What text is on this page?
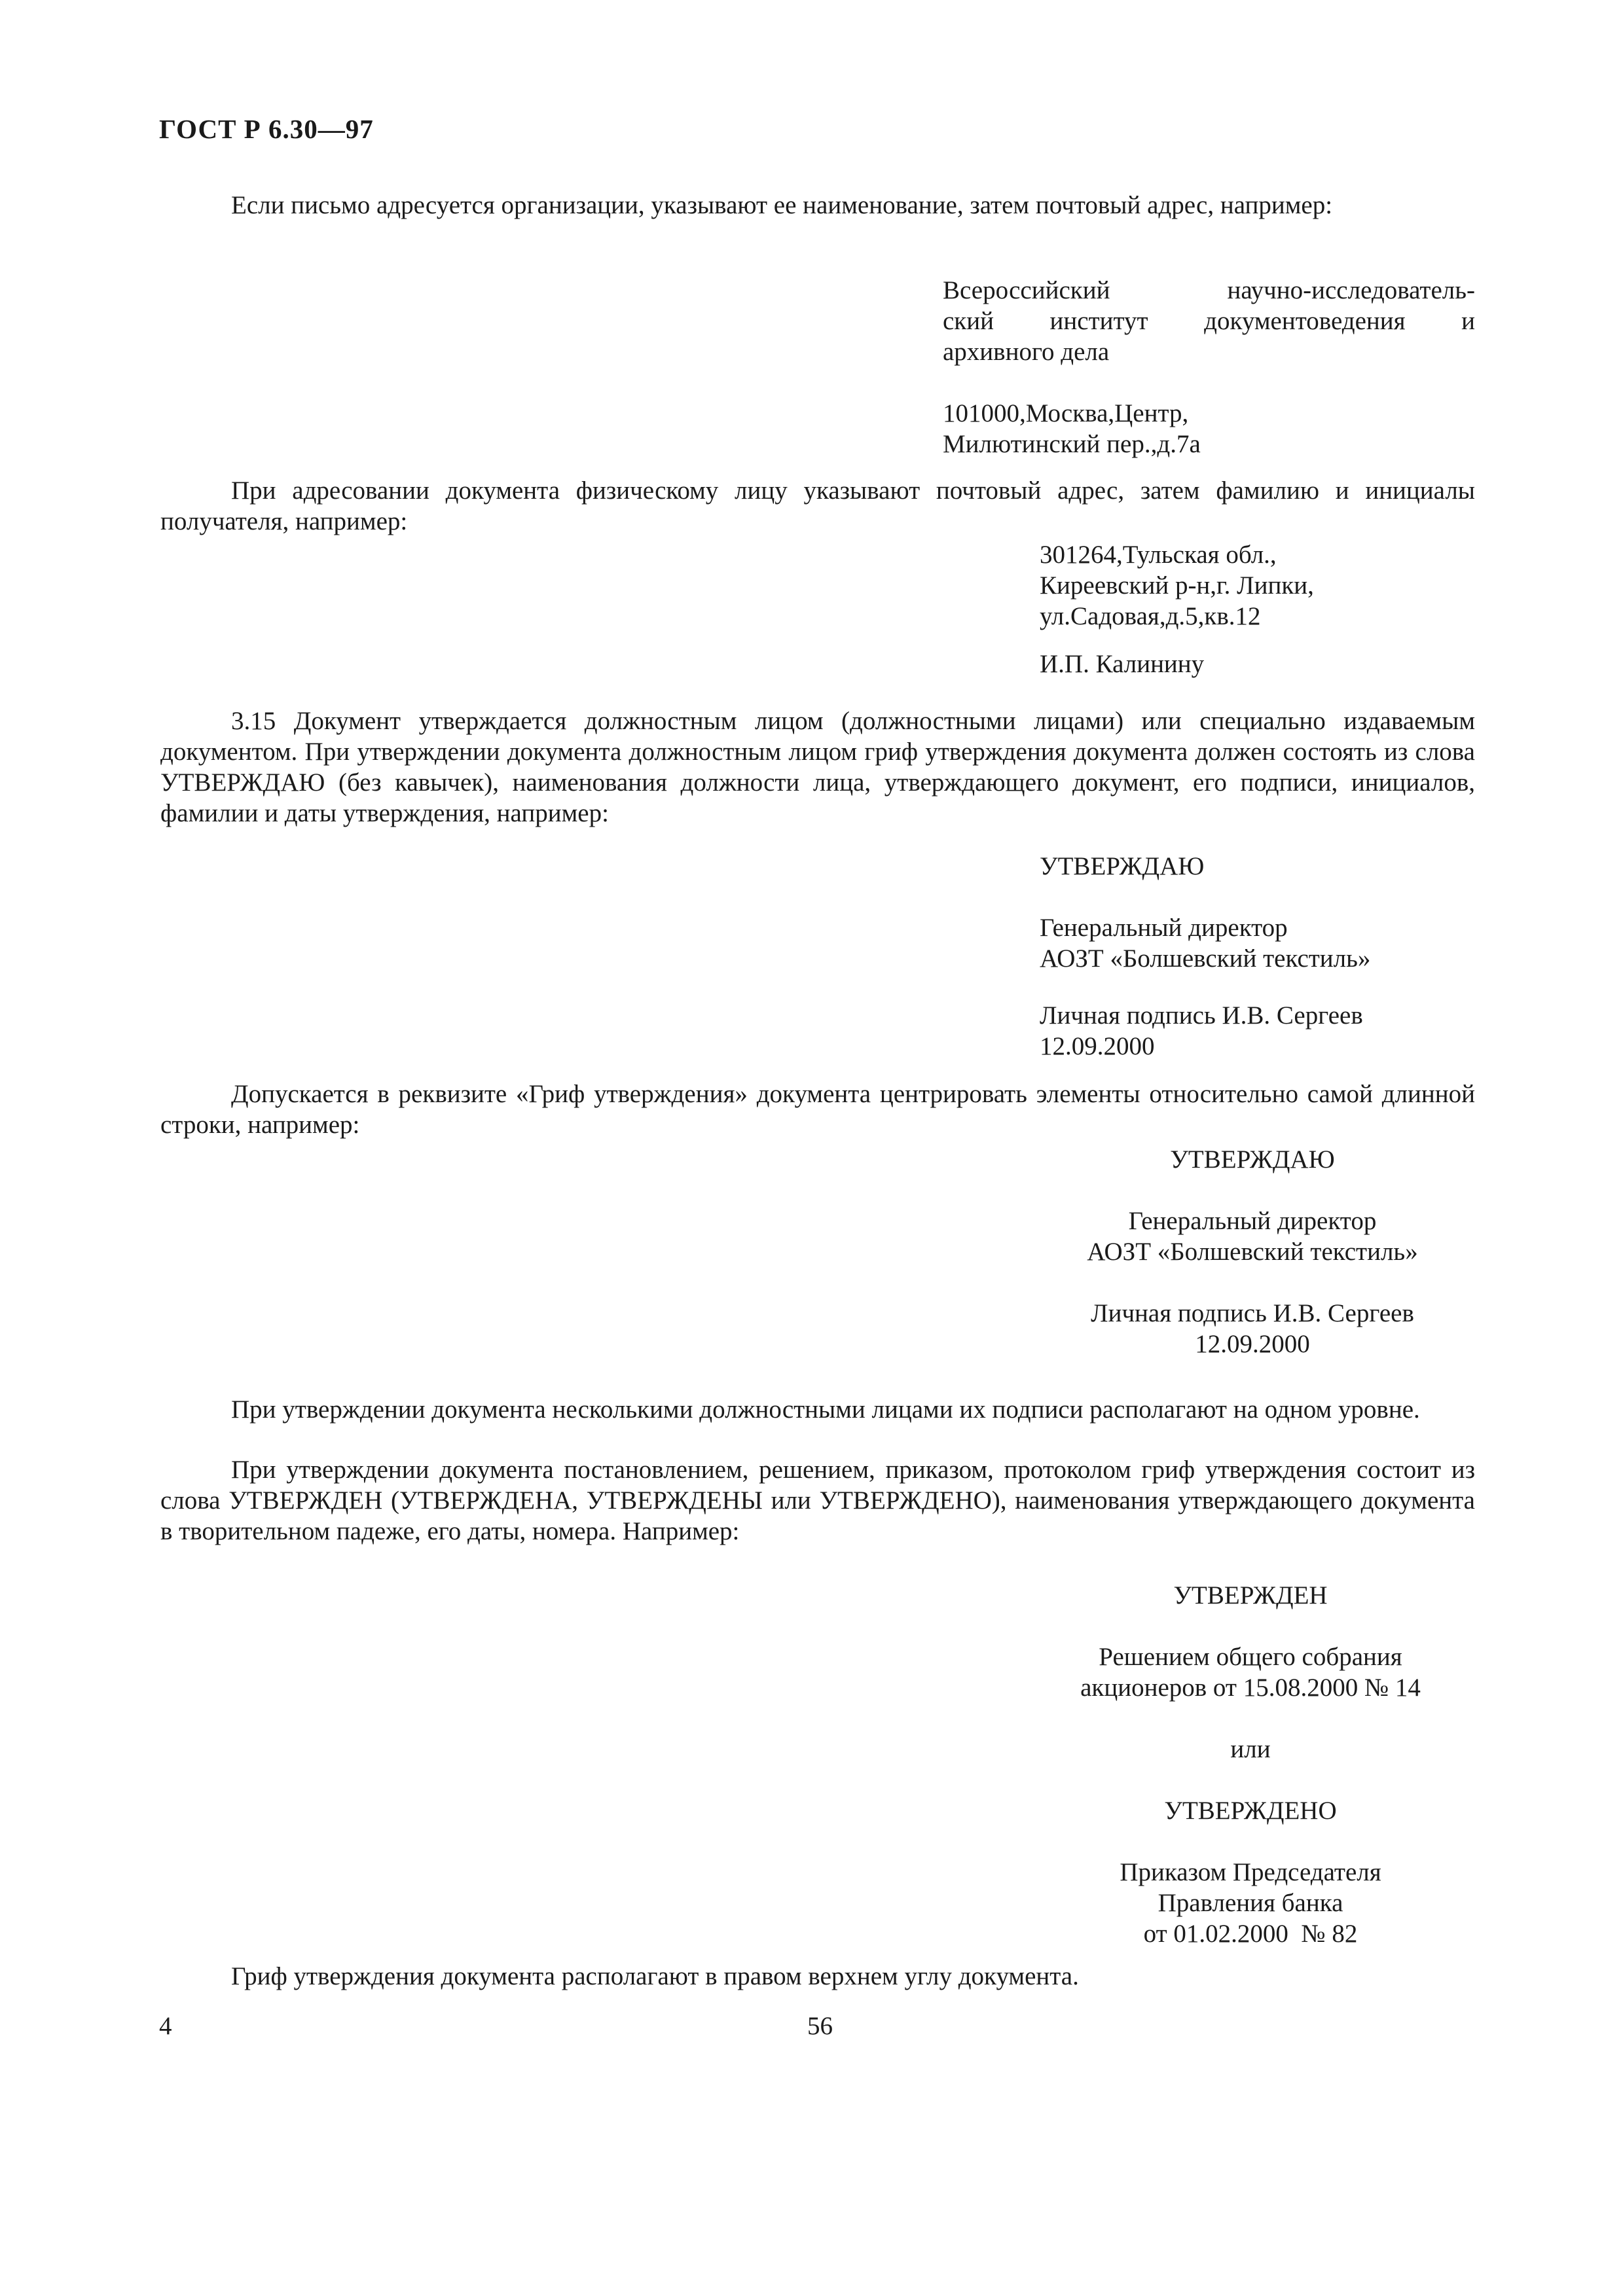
ГОСТ Р 6.30—97
Если письмо адресуется организации, указывают ее наименование, затем почтовый адрес, например:
Всероссийский научно-исследователь-
ский институт документоведения и
архивного дела
101000,Москва,Центр,
Милютинский пер.,д.7а
При адресовании документа физическому лицу указывают почтовый адрес, затем фамилию и инициалы получателя, например:
301264,Тульская обл.,
Киреевский р-н,г. Липки,
ул.Садовая,д.5,кв.12
И.П. Калинину
3.15 Документ утверждается должностным лицом (должностными лицами) или специально издаваемым документом. При утверждении документа должностным лицом гриф утверждения документа должен состоять из слова УТВЕРЖДАЮ (без кавычек), наименования должности лица, утверждающего документ, его подписи, инициалов, фамилии и даты утверждения, например:
УТВЕРЖДАЮ
Генеральный директор
АОЗТ «Болшевский текстиль»
Личная подпись И.В. Сергеев
12.09.2000
Допускается в реквизите «Гриф утверждения» документа центрировать элементы относительно самой длинной строки, например:
УТВЕРЖДАЮ
Генеральный директор
АОЗТ «Болшевский текстиль»
Личная подпись И.В. Сергеев
12.09.2000
При утверждении документа несколькими должностными лицами их подписи располагают на одном уровне.
При утверждении документа постановлением, решением, приказом, протоколом гриф утверждения состоит из слова УТВЕРЖДЕН (УТВЕРЖДЕНА, УТВЕРЖДЕНЫ или УТВЕРЖДЕНО), наименования утверждающего документа в творительном падеже, его даты, номера. Например:
УТВЕРЖДЕН
Решением общего собрания
акционеров от 15.08.2000 № 14
или
УТВЕРЖДЕНО
Приказом Председателя
Правления банка
от 01.02.2000  № 82
Гриф утверждения документа располагают в правом верхнем углу документа.
4	56
